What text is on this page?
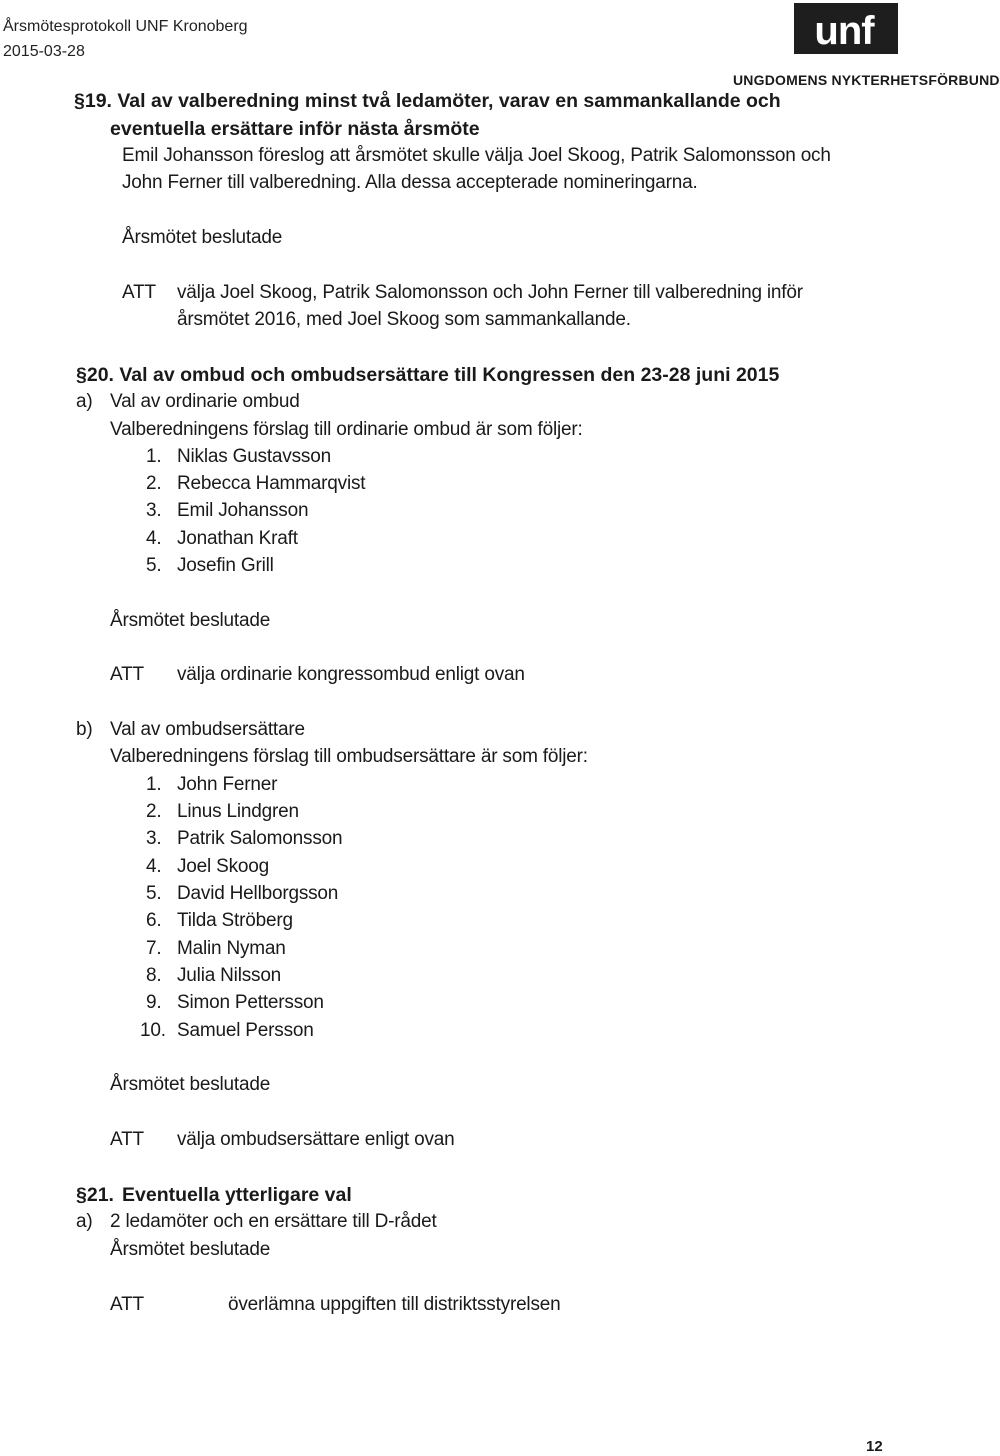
Årsmötesprotokoll UNF Kronoberg
2015-03-28	unf
UNGDOMENS NYKTERHETSFÖRBUND
§19. Val av valberedning minst två ledamöter, varav en sammankallande och
eventuella ersättare inför nästa årsmöte
Emil Johansson föreslog att årsmötet skulle välja Joel Skoog, Patrik Salomonsson och
John Ferner till valberedning. Alla dessa accepterade nomineringarna.
Årsmötet beslutade
ATT välja Joel Skoog, Patrik Salomonsson och John Ferner till valberedning inför
årsmötet 2016, med Joel Skoog som sammankallande.
§20. Val av ombud och ombudsersättare till Kongressen den 23-28 juni 2015
a) Val av ordinarie ombud
Valberedningens förslag till ordinarie ombud är som följer:
1. Niklas Gustavsson
2. Rebecca Hammarqvist
3. Emil Johansson
4. Jonathan Kraft
5. Josefin Grill
Årsmötet beslutade
ATT välja ordinarie kongressombud enligt ovan
b) Val av ombudsersättare
Valberedningens förslag till ombudsersättare är som följer:
1. John Ferner
2. Linus Lindgren
3. Patrik Salomonsson
4. Joel Skoog
5. David Hellborgsson
6. Tilda Ströberg
7. Malin Nyman
8. Julia Nilsson
9. Simon Pettersson
10. Samuel Persson
Årsmötet beslutade
ATT välja ombudsersättare enligt ovan
§21. Eventuella ytterligare val
a) 2 ledamöter och en ersättare till D-rådet
Årsmötet beslutade
ATT	överlämna uppgiften till distriktsstyrelsen
12
